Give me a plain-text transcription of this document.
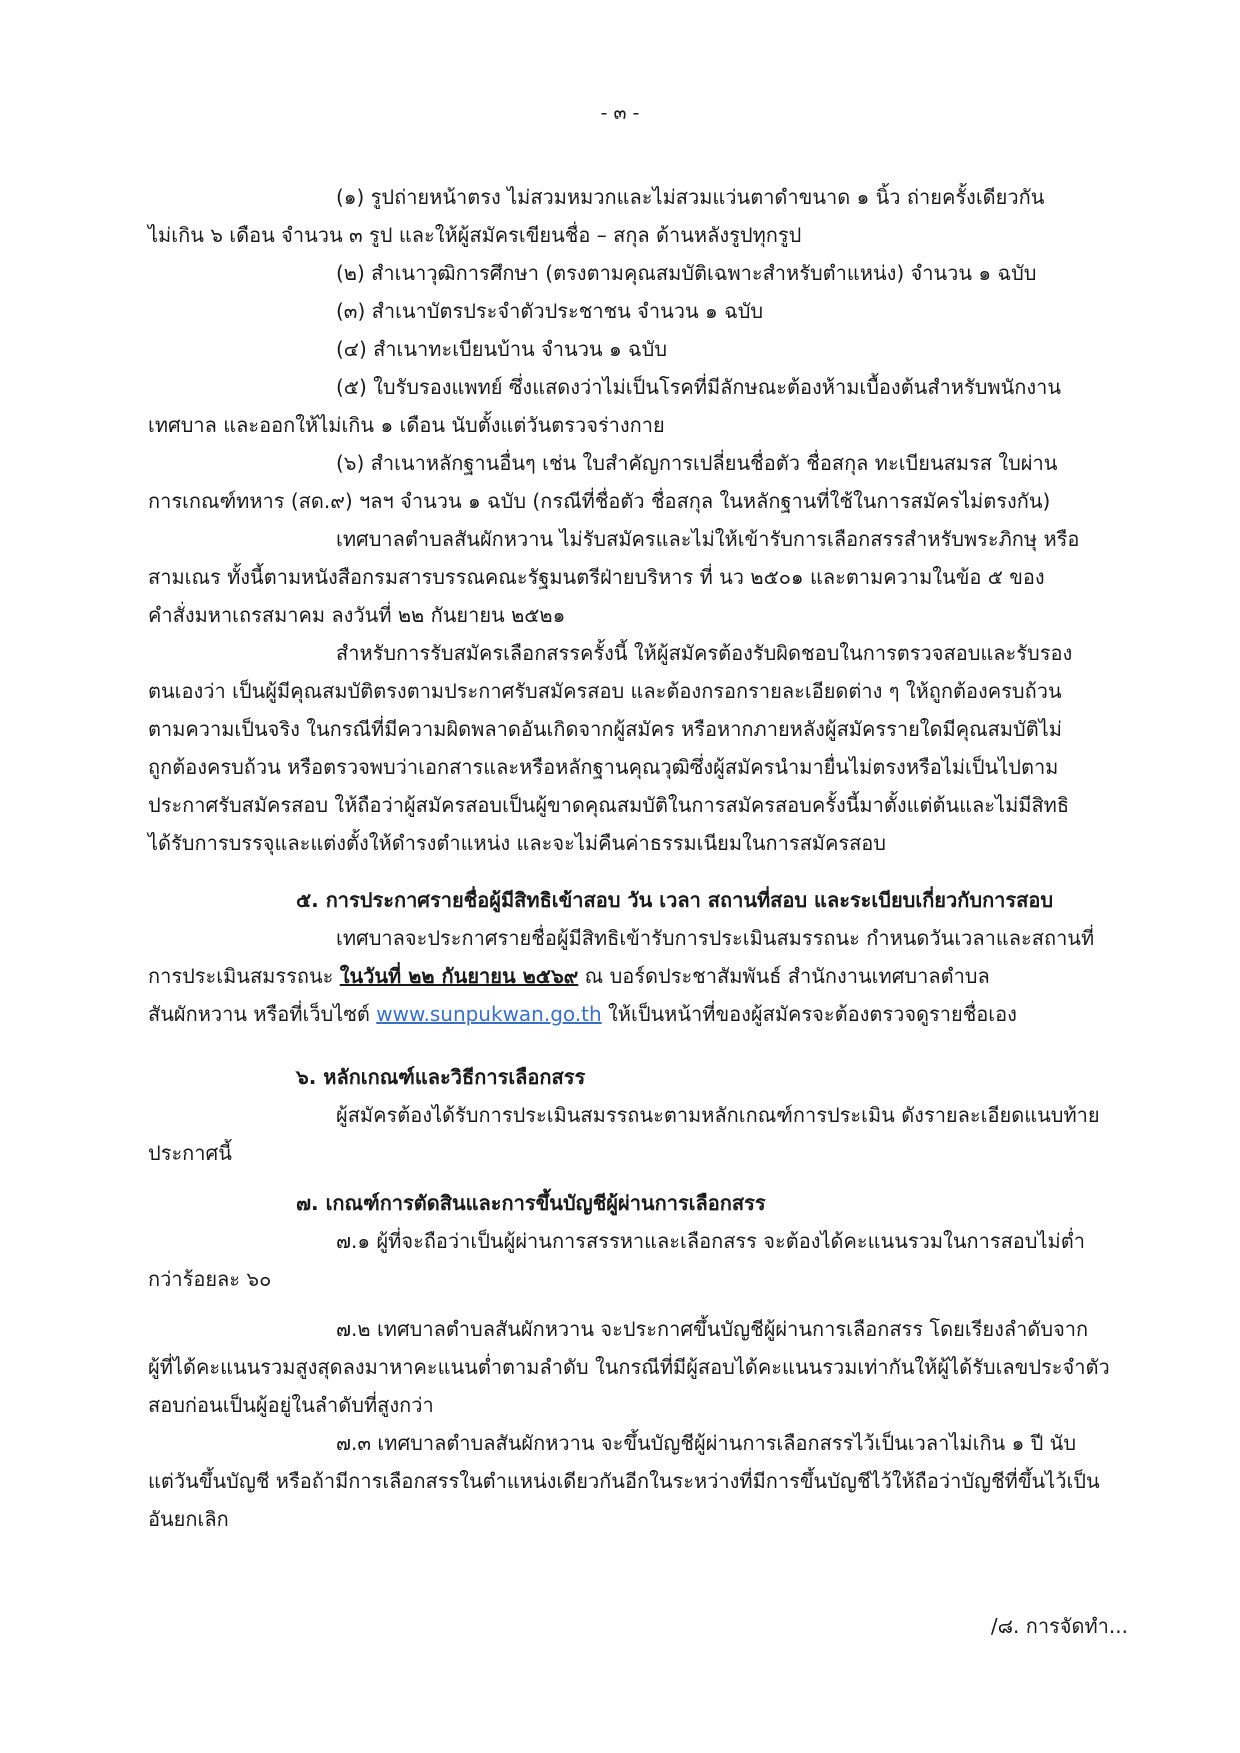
- ๓ -
(๑) รูปถ่ายหน้าตรง ไม่สวมหมวกและไม่สวมแว่นตาดำขนาด ๑ นิ้ว ถ่ายครั้งเดียวกัน
ไม่เกิน ๖ เดือน จำนวน ๓ รูป และให้ผู้สมัครเขียนชื่อ – สกุล ด้านหลังรูปทุกรูป
(๒) สำเนาวุฒิการศึกษา (ตรงตามคุณสมบัติเฉพาะสำหรับตำแหน่ง) จำนวน ๑ ฉบับ
(๓) สำเนาบัตรประจำตัวประชาชน จำนวน ๑ ฉบับ
(๔) สำเนาทะเบียนบ้าน จำนวน ๑ ฉบับ
(๕) ใบรับรองแพทย์ ซึ่งแสดงว่าไม่เป็นโรคที่มีลักษณะต้องห้ามเบื้องต้นสำหรับพนักงาน
เทศบาล และออกให้ไม่เกิน ๑ เดือน นับตั้งแต่วันตรวจร่างกาย
(๖) สำเนาหลักฐานอื่นๆ เช่น ใบสำคัญการเปลี่ยนชื่อตัว ชื่อสกุล ทะเบียนสมรส ใบผ่าน
การเกณฑ์ทหาร (สด.๙) ฯลฯ จำนวน ๑ ฉบับ (กรณีที่ชื่อตัว ชื่อสกุล ในหลักฐานที่ใช้ในการสมัครไม่ตรงกัน)
เทศบาลตำบลสันผักหวาน ไม่รับสมัครและไม่ให้เข้ารับการเลือกสรรสำหรับพระภิกษุ หรือ
สามเณร ทั้งนี้ตามหนังสือกรมสารบรรณคณะรัฐมนตรีฝ่ายบริหาร ที่ นว ๒๕๐๑ และตามความในข้อ ๕ ของ
คำสั่งมหาเถรสมาคม ลงวันที่ ๒๒ กันยายน ๒๕๒๑
สำหรับการรับสมัครเลือกสรรครั้งนี้ ให้ผู้สมัครต้องรับผิดชอบในการตรวจสอบและรับรอง
ตนเองว่า เป็นผู้มีคุณสมบัติตรงตามประกาศรับสมัครสอบ และต้องกรอกรายละเอียดต่าง ๆ ให้ถูกต้องครบถ้วน
ตามความเป็นจริง ในกรณีที่มีความผิดพลาดอันเกิดจากผู้สมัคร หรือหากภายหลังผู้สมัครรายใดมีคุณสมบัติไม่
ถูกต้องครบถ้วน หรือตรวจพบว่าเอกสารและหรือหลักฐานคุณวุฒิซึ่งผู้สมัครนำมายื่นไม่ตรงหรือไม่เป็นไปตาม
ประกาศรับสมัครสอบ ให้ถือว่าผู้สมัครสอบเป็นผู้ขาดคุณสมบัติในการสมัครสอบครั้งนี้มาตั้งแต่ต้นและไม่มีสิทธิ
ได้รับการบรรจุและแต่งตั้งให้ดำรงตำแหน่ง และจะไม่คืนค่าธรรมเนียมในการสมัครสอบ
๕. การประกาศรายชื่อผู้มีสิทธิเข้าสอบ วัน เวลา สถานที่สอบ และระเบียบเกี่ยวกับการสอบ
เทศบาลจะประกาศรายชื่อผู้มีสิทธิเข้ารับการประเมินสมรรถนะ กำหนดวันเวลาและสถานที่
การประเมินสมรรถนะ ในวันที่ ๒๒ กันยายน ๒๕๖๙ ณ บอร์ดประชาสัมพันธ์ สำนักงานเทศบาลตำบล
สันผักหวาน หรือที่เว็บไซต์ www.sunpukwan.go.th ให้เป็นหน้าที่ของผู้สมัครจะต้องตรวจดูรายชื่อเอง
๖. หลักเกณฑ์และวิธีการเลือกสรร
ผู้สมัครต้องได้รับการประเมินสมรรถนะตามหลักเกณฑ์การประเมิน ดังรายละเอียดแนบท้าย
ประกาศนี้
๗. เกณฑ์การตัดสินและการขึ้นบัญชีผู้ผ่านการเลือกสรร
๗.๑ ผู้ที่จะถือว่าเป็นผู้ผ่านการสรรหาและเลือกสรร จะต้องได้คะแนนรวมในการสอบไม่ต่ำ
กว่าร้อยละ ๖๐
๗.๒ เทศบาลตำบลสันผักหวาน จะประกาศขึ้นบัญชีผู้ผ่านการเลือกสรร โดยเรียงลำดับจาก
ผู้ที่ได้คะแนนรวมสูงสุดลงมาหาคะแนนต่ำตามลำดับ ในกรณีที่มีผู้สอบได้คะแนนรวมเท่ากันให้ผู้ได้รับเลขประจำตัว
สอบก่อนเป็นผู้อยู่ในลำดับที่สูงกว่า
๗.๓ เทศบาลตำบลสันผักหวาน จะขึ้นบัญชีผู้ผ่านการเลือกสรรไว้เป็นเวลาไม่เกิน ๑ ปี นับ
แต่วันขึ้นบัญชี หรือถ้ามีการเลือกสรรในตำแหน่งเดียวกันอีกในระหว่างที่มีการขึ้นบัญชีไว้ให้ถือว่าบัญชีที่ขึ้นไว้เป็น
อันยกเลิก
/๘. การจัดทำ...
